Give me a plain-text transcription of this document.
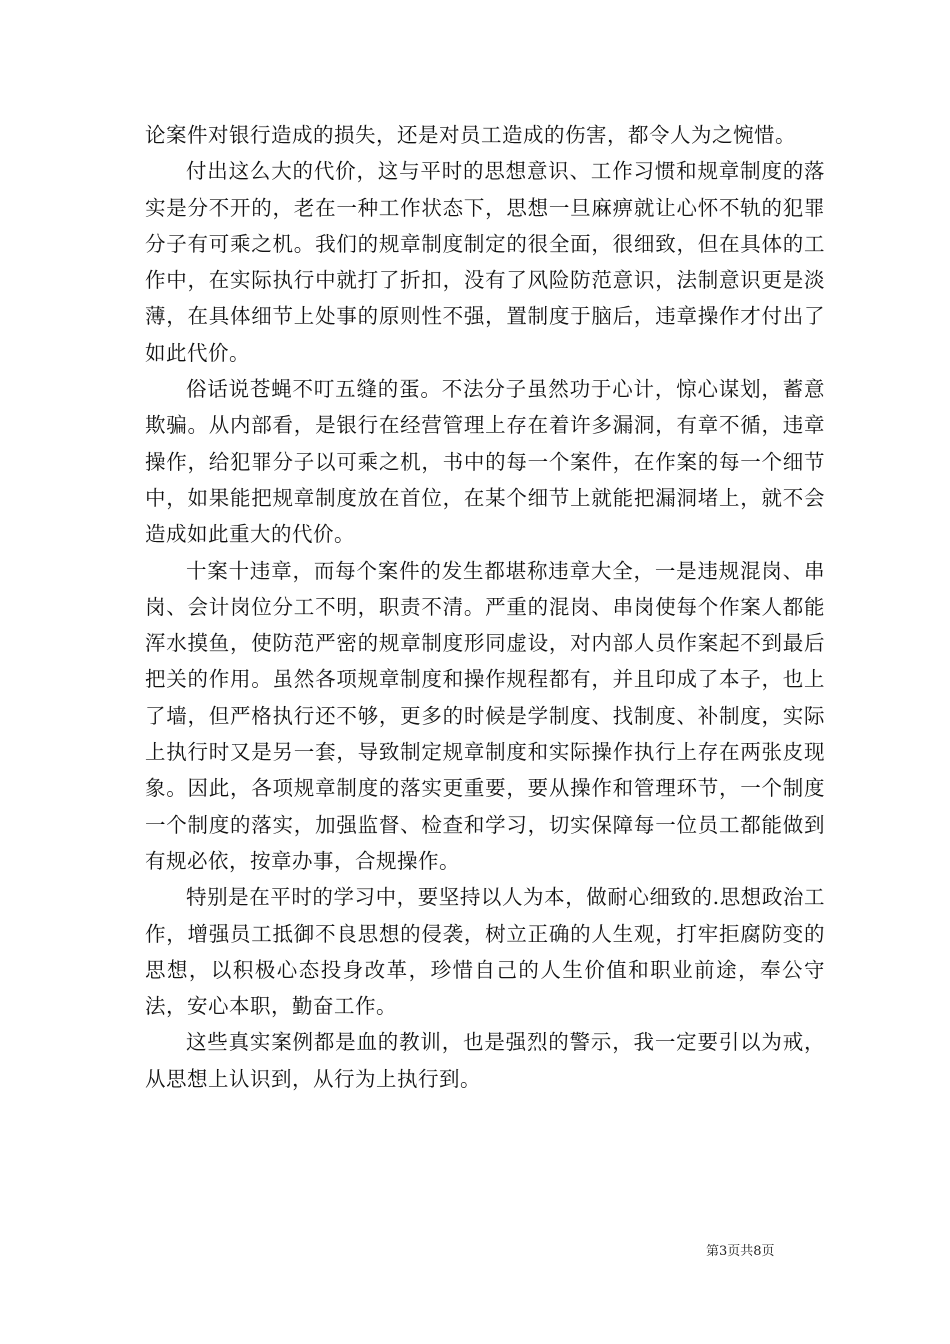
论案件对银行造成的损失，还是对员工造成的伤害，都令人为之惋惜。

付出这么大的代价，这与平时的思想意识、工作习惯和规章制度的落实是分不开的，老在一种工作状态下，思想一旦麻痹就让心怀不轨的犯罪分子有可乘之机。我们的规章制度制定的很全面，很细致，但在具体的工作中，在实际执行中就打了折扣，没有了风险防范意识，法制意识更是淡薄，在具体细节上处事的原则性不强，置制度于脑后，违章操作才付出了如此代价。

俗话说苍蝇不叮五缝的蛋。不法分子虽然功于心计，惊心谋划，蓄意欺骗。从内部看，是银行在经营管理上存在着许多漏洞，有章不循，违章操作，给犯罪分子以可乘之机，书中的每一个案件，在作案的每一个细节中，如果能把规章制度放在首位，在某个细节上就能把漏洞堵上，就不会造成如此重大的代价。

十案十违章，而每个案件的发生都堪称违章大全，一是违规混岗、串岗、会计岗位分工不明，职责不清。严重的混岗、串岗使每个作案人都能浑水摸鱼，使防范严密的规章制度形同虚设，对内部人员作案起不到最后把关的作用。虽然各项规章制度和操作规程都有，并且印成了本子，也上了墙，但严格执行还不够，更多的时候是学制度、找制度、补制度，实际上执行时又是另一套，导致制定规章制度和实际操作执行上存在两张皮现象。因此，各项规章制度的落实更重要，要从操作和管理环节，一个制度一个制度的落实，加强监督、检查和学习，切实保障每一位员工都能做到有规必依，按章办事，合规操作。

特别是在平时的学习中，要坚持以人为本，做耐心细致的.思想政治工作，增强员工抵御不良思想的侵袭，树立正确的人生观，打牢拒腐防变的思想，以积极心态投身改革，珍惜自己的人生价值和职业前途，奉公守法，安心本职，勤奋工作。

这些真实案例都是血的教训，也是强烈的警示，我一定要引以为戒，从思想上认识到，从行为上执行到。

第3页共8页
